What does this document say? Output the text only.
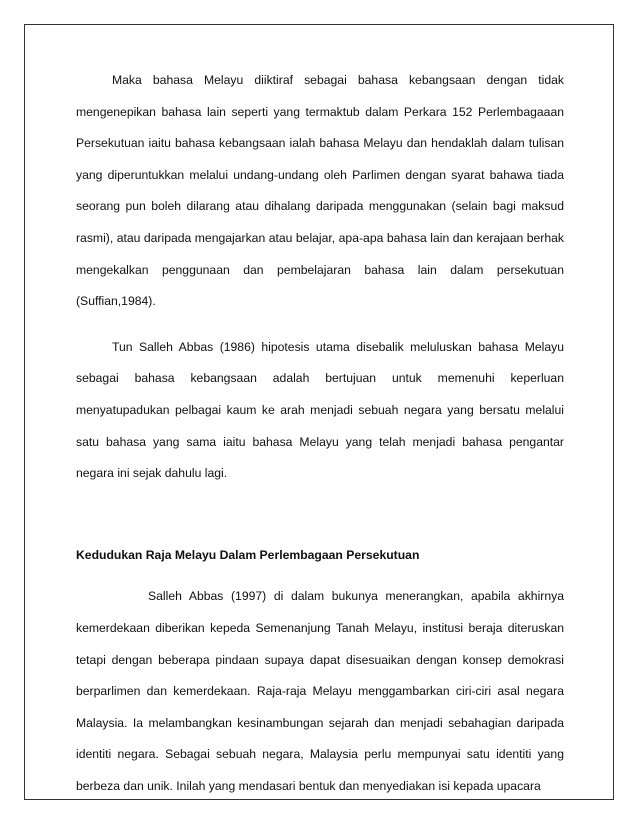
Maka bahasa Melayu diiktiraf sebagai bahasa kebangsaan dengan tidak mengenepikan bahasa lain seperti yang termaktub dalam Perkara 152 Perlembagaaan Persekutuan iaitu bahasa kebangsaan ialah bahasa Melayu dan hendaklah dalam tulisan yang diperuntukkan melalui undang-undang oleh Parlimen dengan syarat bahawa tiada seorang pun boleh dilarang atau dihalang daripada menggunakan (selain bagi maksud rasmi), atau daripada mengajarkan atau belajar, apa-apa bahasa lain dan kerajaan berhak mengekalkan penggunaan dan pembelajaran bahasa lain dalam persekutuan (Suffian,1984).

Tun Salleh Abbas (1986) hipotesis utama disebalik meluluskan bahasa Melayu sebagai bahasa kebangsaan adalah bertujuan untuk memenuhi keperluan menyatupadukan pelbagai kaum ke arah menjadi sebuah negara yang bersatu melalui satu bahasa yang sama iaitu bahasa Melayu yang telah menjadi bahasa pengantar negara ini sejak dahulu lagi.

Kedudukan Raja Melayu Dalam Perlembagaan Persekutuan

Salleh Abbas (1997) di dalam bukunya menerangkan, apabila akhirnya kemerdekaan diberikan kepeda Semenanjung Tanah Melayu, institusi beraja diteruskan tetapi dengan beberapa pindaan supaya dapat disesuaikan dengan konsep demokrasi berparlimen dan kemerdekaan. Raja-raja Melayu menggambarkan ciri-ciri asal negara Malaysia. Ia melambangkan kesinambungan sejarah dan menjadi sebahagian daripada identiti negara. Sebagai sebuah negara, Malaysia perlu mempunyai satu identiti yang berbeza dan unik. Inilah yang mendasari bentuk dan menyediakan isi kepada upacara
